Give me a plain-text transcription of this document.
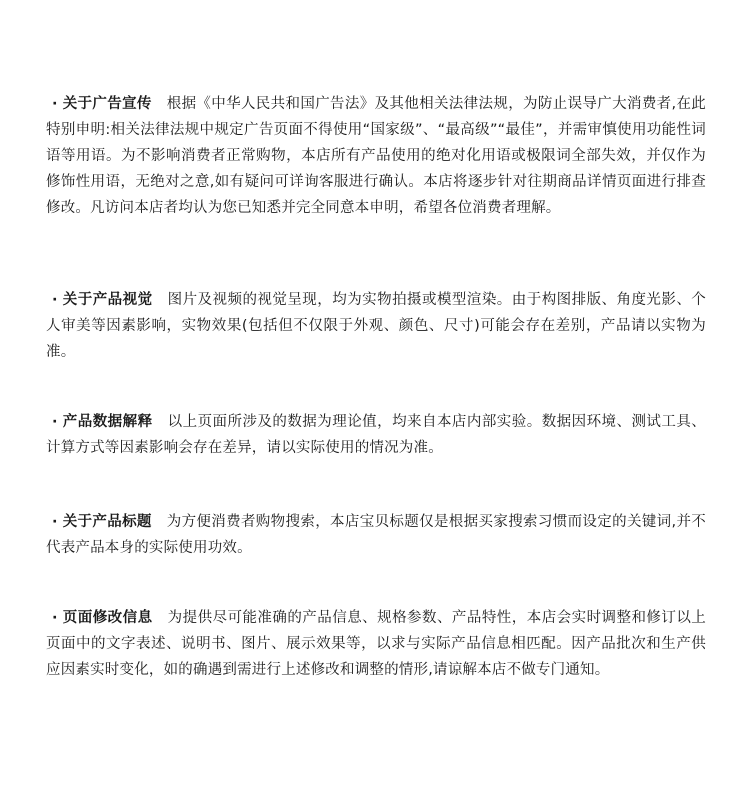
· 关于广告宣传 根据《中华人民共和国广告法》及其他相关法律法规，为防止误导广大消费者,在此特别申明:相关法律法规中规定广告页面不得使用“国家级”、“最高级”“最佳”，并需审慎使用功能性词语等用语。为不影响消费者正常购物，本店所有产品使用的绝对化用语或极限词全部失效，并仅作为修饰性用语，无绝对之意,如有疑问可详询客服进行确认。本店将逐步针对往期商品详情页面进行排查修改。凡访问本店者均认为您已知悉并完全同意本申明，希望各位消费者理解。
· 关于产品视觉 图片及视频的视觉呈现，均为实物拍摄或模型渲染。由于构图排版、角度光影、个人审美等因素影响，实物效果(包括但不仅限于外观、颜色、尺寸)可能会存在差别，产品请以实物为准。
· 产品数据解释 以上页面所涉及的数据为理论值，均来自本店内部实验。数据因环境、测试工具、计算方式等因素影响会存在差异，请以实际使用的情况为准。
· 关于产品标题 为方便消费者购物搜索，本店宝贝标题仅是根据买家搜索习惯而设定的关键词,并不代表产品本身的实际使用功效。
· 页面修改信息 为提供尽可能准确的产品信息、规格参数、产品特性，本店会实时调整和修订以上页面中的文字表述、说明书、图片、展示效果等，以求与实际产品信息相匹配。因产品批次和生产供应因素实时变化，如的确遇到需进行上述修改和调整的情形,请谅解本店不做专门通知。
